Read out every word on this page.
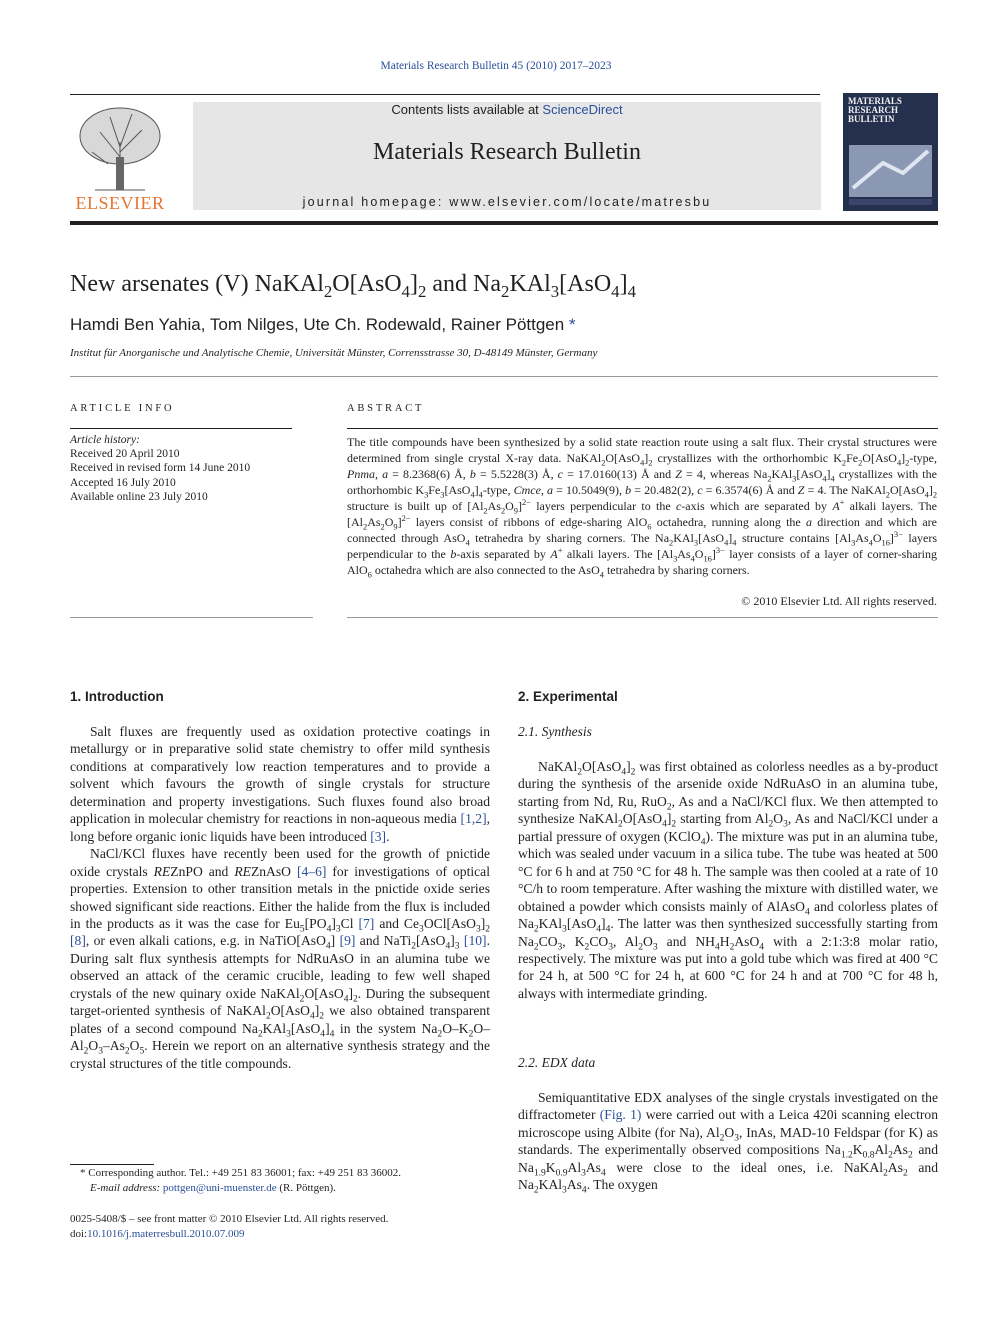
Materials Research Bulletin 45 (2010) 2017–2023
ELSEVIER
Contents lists available at ScienceDirect
Materials Research Bulletin
journal homepage: www.elsevier.com/locate/matresbu
MATERIALS RESEARCH BULLETIN
New arsenates (V) $NaKAl_2O[AsO_4]_2$ and $Na_2KAl_3[AsO_4]_4$
Hamdi Ben Yahia, Tom Nilges, Ute Ch. Rodewald, Rainer Pöttgen *
Institut für Anorganische und Analytische Chemie, Universität Münster, Corrensstrasse 30, D-48149 Münster, Germany
ARTICLE INFO
Article history:
Received 20 April 2010
Received in revised form 14 June 2010
Accepted 16 July 2010
Available online 23 July 2010
ABSTRACT
The title compounds have been synthesized by a solid state reaction route using a salt flux. Their crystal structures were determined from single crystal X-ray data. $NaKAl_2O[AsO_4]_2$ crystallizes with the orthorhombic $K_2Fe_2O[AsO_4]_2$-type, Pnma, a = 8.2368(6) Å, b = 5.5228(3) Å, c = 17.0160(13) Å and Z = 4, whereas $Na_2KAl_3[AsO_4]_4$ crystallizes with the orthorhombic $K_3Fe_3[AsO_4]_4$-type, Cmce, a = 10.5049(9), b = 20.482(2), c = 6.3574(6) Å and Z = 4. The $NaKAl_2O[AsO_4]_2$ structure is built up of $[Al_2As_2O_9]^{2-}$ layers perpendicular to the c-axis which are separated by A+ alkali layers. The $[Al_2As_2O_9]^{2-}$ layers consist of ribbons of edge-sharing AlO$_6$ octahedra, running along the a direction and which are connected through AsO$_4$ tetrahedra by sharing corners. The $Na_2KAl_3[AsO_4]_4$ structure contains $[Al_3As_4O_{16}]^{3-}$ layers perpendicular to the b-axis separated by A+ alkali layers. The $[Al_3As_4O_{16}]^{3-}$ layer consists of a layer of corner-sharing AlO$_6$ octahedra which are also connected to the AsO$_4$ tetrahedra by sharing corners.
© 2010 Elsevier Ltd. All rights reserved.
1. Introduction

Salt fluxes are frequently used as oxidation protective coatings in metallurgy or in preparative solid state chemistry to offer mild synthesis conditions at comparatively low reaction temperatures and to provide a solvent which favours the growth of single crystals for structure determination and property investigations. Such fluxes found also broad application in molecular chemistry for reactions in non-aqueous media [1,2], long before organic ionic liquids have been introduced [3].

NaCl/KCl fluxes have recently been used for the growth of pnictide oxide crystals REZnPO and REZnAsO [4–6] for investigations of optical properties. Extension to other transition metals in the pnictide oxide series showed significant side reactions. Either the halide from the flux is included in the products as it was the case for $Eu_5[PO_4]_3Cl$ [7] and $Ce_3OCl[AsO_3]_2$ [8], or even alkali cations, e.g. in NaTiO[AsO$_4$] [9] and $NaTi_2[AsO_4]_3$ [10]. During salt flux synthesis attempts for NdRuAsO in an alumina tube we observed an attack of the ceramic crucible, leading to few well shaped crystals of the new quinary oxide $NaKAl_2O[AsO_4]_2$. During the subsequent target-oriented synthesis of $NaKAl_2O[AsO_4]_2$ we also obtained transparent plates of a second compound $Na_2KAl_3[AsO_4]_4$ in the system $Na_2O-K_2O-Al_2O_3-As_2O_5$. Herein we report on an alternative synthesis strategy and the crystal structures of the title compounds.

* Corresponding author. Tel.: +49 251 83 36001; fax: +49 251 83 36002.
E-mail address: pottgen@uni-muenster.de (R. Pöttgen).
0025-5408/$ – see front matter © 2010 Elsevier Ltd. All rights reserved.
doi:10.1016/j.materresbull.2010.07.009
2. Experimental
2.1. Synthesis

$NaKAl_2O[AsO_4]_2$ was first obtained as colorless needles as a by-product during the synthesis of the arsenide oxide NdRuAsO in an alumina tube, starting from Nd, Ru, RuO$_2$, As and a NaCl/KCl flux. We then attempted to synthesize $NaKAl_2O[AsO_4]_2$ starting from $Al_2O_3$, As and NaCl/KCl under a partial pressure of oxygen (KClO$_4$). The mixture was put in an alumina tube, which was sealed under vacuum in a silica tube. The tube was heated at 500 °C for 6 h and at 750 °C for 48 h. The sample was then cooled at a rate of 10 °C/h to room temperature. After washing the mixture with distilled water, we obtained a powder which consists mainly of AlAsO$_4$ and colorless plates of $Na_2KAl_3[AsO_4]_4$. The latter was then synthesized successfully starting from $Na_2CO_3$, $K_2CO_3$, $Al_2O_3$ and $NH_4H_2AsO_4$ with a 2:1:3:8 molar ratio, respectively. The mixture was put into a gold tube which was fired at 400 °C for 24 h, at 500 °C for 24 h, at 600 °C for 24 h and at 700 °C for 48 h, always with intermediate grinding.

2.2. EDX data

Semiquantitative EDX analyses of the single crystals investigated on the diffractometer (Fig. 1) were carried out with a Leica 420i scanning electron microscope using Albite (for Na), $Al_2O_3$, InAs, MAD-10 Feldspar (for K) as standards. The experimentally observed compositions $Na_{1.2}K_{0.8}Al_2As_2$ and $Na_{1.9}K_{0.9}Al_3As_4$ were close to the ideal ones, i.e. $NaKAl_2As_2$ and $Na_2KAl_3As_4$. The oxygen
